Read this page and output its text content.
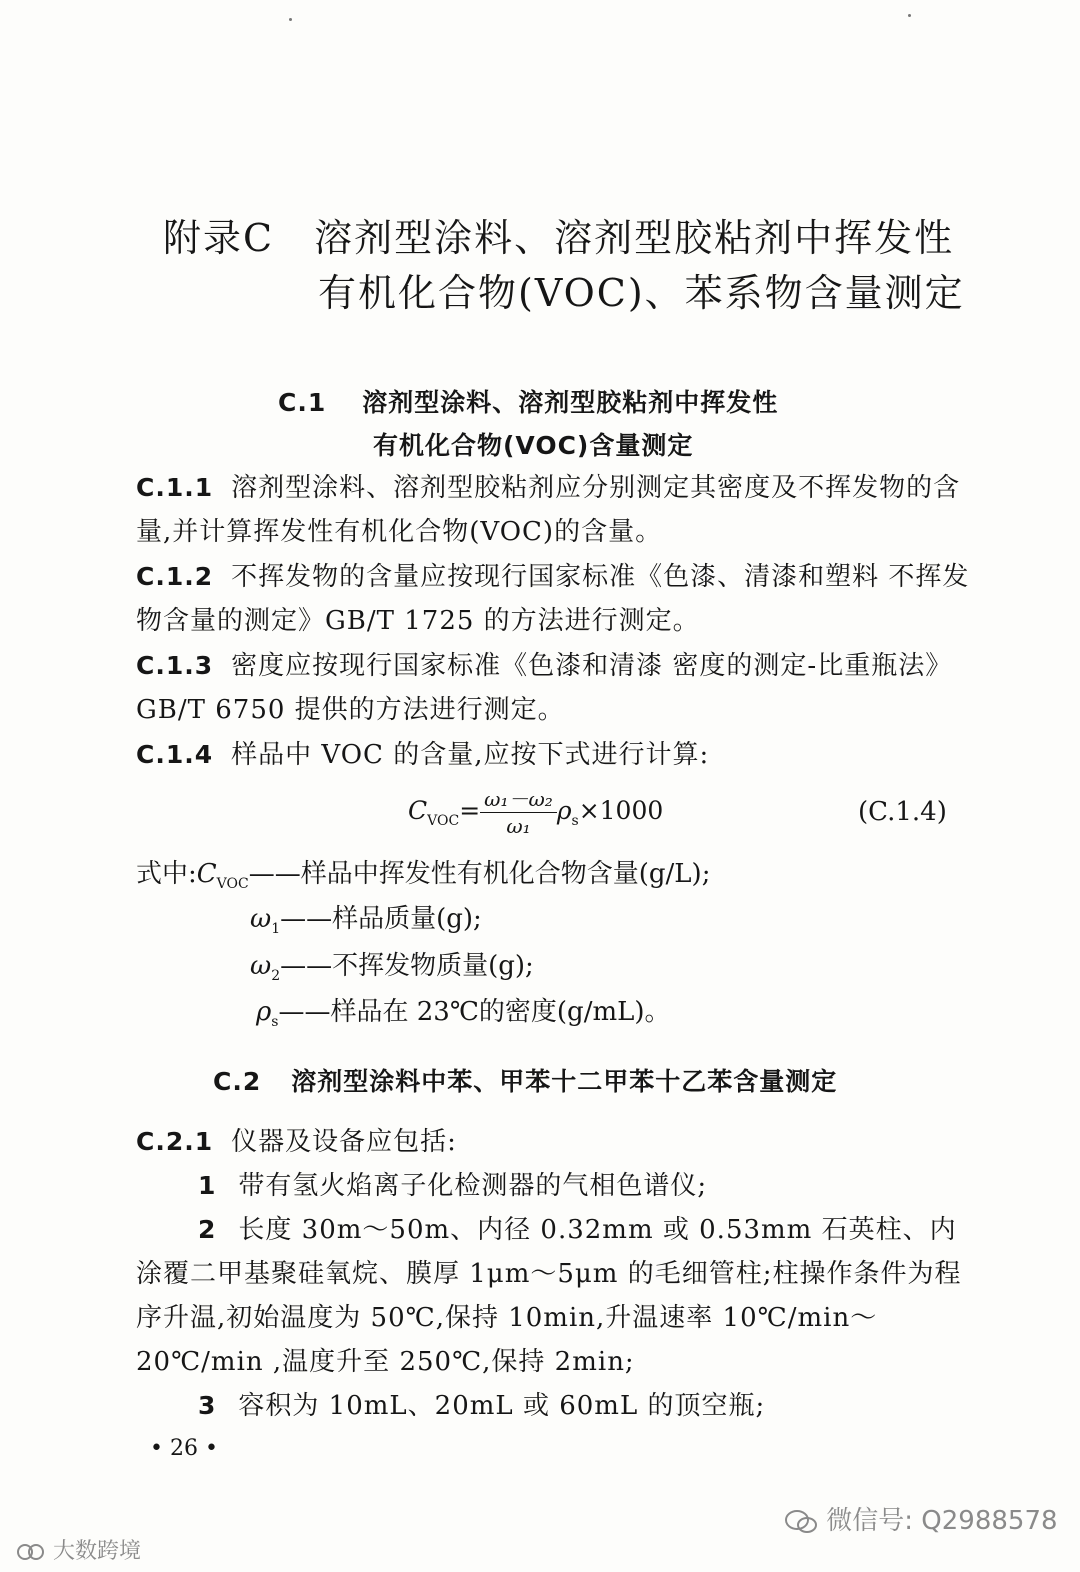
附录C 溶剂型涂料、溶剂型胶粘剂中挥发性
有机化合物(VOC)、苯系物含量测定
C.1 溶剂型涂料、溶剂型胶粘剂中挥发性
有机化合物(VOC)含量测定
C.1.1 溶剂型涂料、溶剂型胶粘剂应分别测定其密度及不挥发物的含量,并计算挥发性有机化合物(VOC)的含量。
C.1.2 不挥发物的含量应按现行国家标准《色漆、清漆和塑料 不挥发物含量的测定》GB/T 1725 的方法进行测定。
C.1.3 密度应按现行国家标准《色漆和清漆 密度的测定-比重瓶法》GB/T 6750 提供的方法进行测定。
C.1.4 样品中 VOC 的含量,应按下式进行计算:
$C_{VOC}= \frac{\text{ω₁－ω₂}}{\text{ω₁}} \rho_s\times 1000$	(C.1.4)
式中$:C_{VOC}——$样品中挥发性有机化合物含量(g/L);
$\omega_1——$样品质量(g);
$\omega_2——$不挥发物质量(g);
$\rho_s——$样品在 23℃的密度(g/mL)。
C.2 溶剂型涂料中苯、甲苯十二甲苯十乙苯含量测定
C.2.1 仪器及设备应包括:
1 带有氢火焰离子化检测器的气相色谱仪;
2 长度 30m～50m、内径 0.32mm 或 0.53mm 石英柱、内涂覆二甲基聚硅氧烷、膜厚 1μm～5μm 的毛细管柱;柱操作条件为程序升温,初始温度为 50℃,保持 10min,升温速率 10℃/min～20℃/min ,温度升至 250℃,保持 2min;
3 容积为 10mL、20mL 或 60mL 的顶空瓶;
• 26 •
微信号: Q2988578
大数跨境
